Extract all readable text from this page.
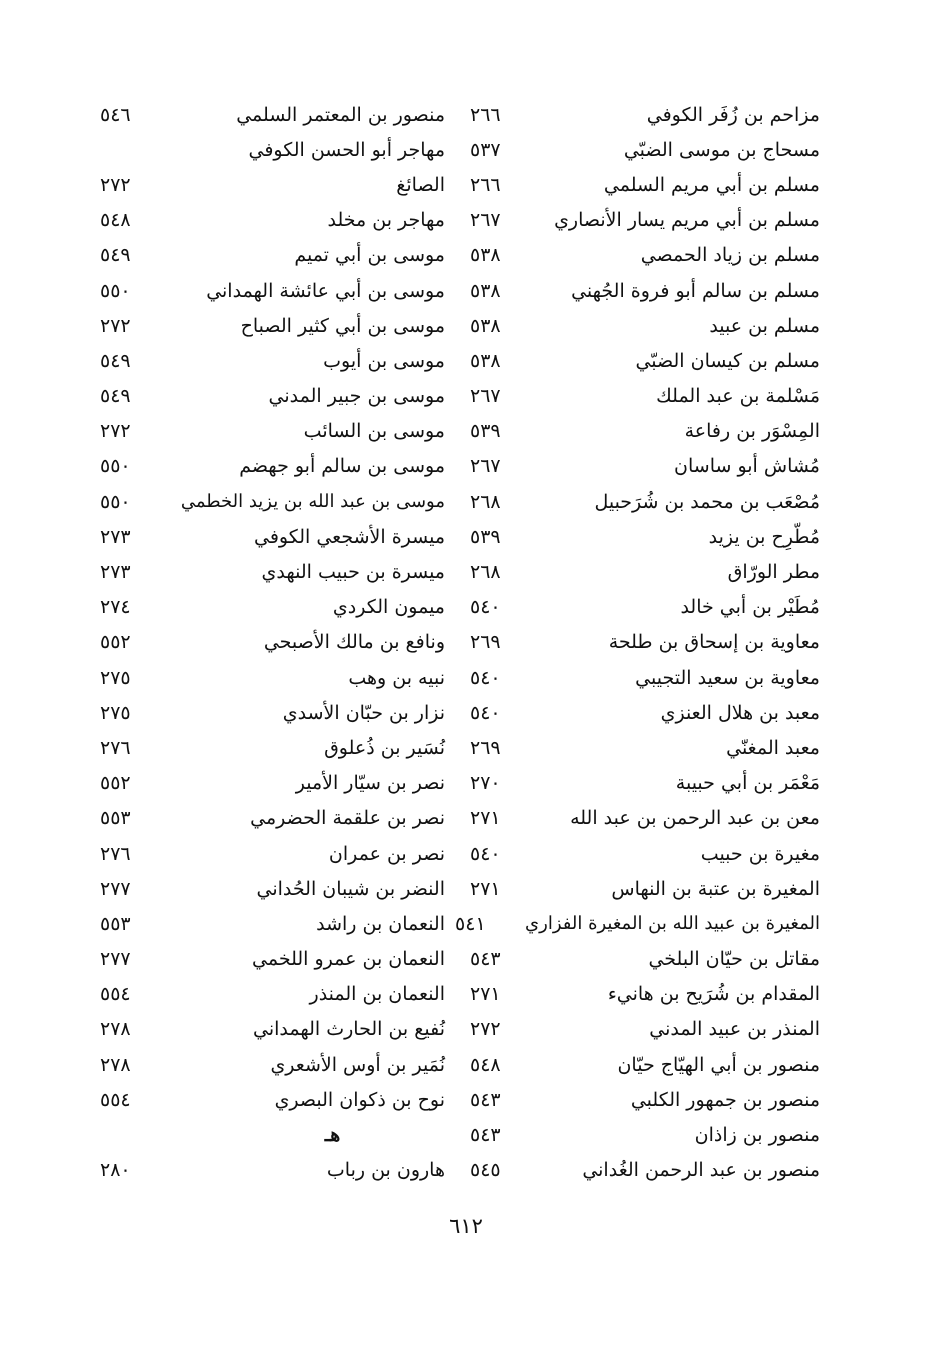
مزاحم بن زُفَر الكوفي
٢٦٦
مسحاج بن موسى الضبّي
٥٣٧
مسلم بن أبي مريم السلمي
٢٦٦
مسلم بن أبي مريم يسار الأنصاري
٢٦٧
مسلم بن زياد الحمصي
٥٣٨
مسلم بن سالم أبو فروة الجُهني
٥٣٨
مسلم بن عبيد
٥٣٨
مسلم بن كيسان الضبّي
٥٣٨
مَسْلمة بن عبد الملك
٢٦٧
المِسْوَر بن رفاعة
٥٣٩
مُشاش أبو ساسان
٢٦٧
مُصْعَب بن محمد بن شُرَحبيل
٢٦٨
مُطّرِح بن يزيد
٥٣٩
مطر الورّاق
٢٦٨
مُطَيْر بن أبي خالد
٥٤٠
معاوية بن إسحاق بن طلحة
٢٦٩
معاوية بن سعيد التجيبي
٥٤٠
معبد بن هلال العنزي
٥٤٠
معبد المغنّي
٢٦٩
مَعْمَر بن أبي حبيبة
٢٧٠
معن بن عبد الرحمن بن عبد الله
٢٧١
مغيرة بن حبيب
٥٤٠
المغيرة بن عتبة بن النهاس
٢٧١
المغيرة بن عبيد الله بن المغيرة الفزاري
٥٤١
مقاتل بن حيّان البلخي
٥٤٣
المقدام بن شُرَيح بن هانيء
٢٧١
المنذر بن عبيد المدني
٢٧٢
منصور بن أبي الهيّاج حيّان
٥٤٨
منصور بن جمهور الكلبي
٥٤٣
منصور بن زاذان
٥٤٣
منصور بن عبد الرحمن الغُداني
٥٤٥
منصور بن المعتمر السلمي
٥٤٦
مهاجر أبو الحسن الكوفي
الصائغ
٢٧٢
مهاجر بن مخلد
٥٤٨
موسى بن أبي تميم
٥٤٩
موسى بن أبي عائشة الهمداني
٥٥٠
موسى بن أبي كثير الصباح
٢٧٢
موسى بن أيوب
٥٤٩
موسى بن جبير المدني
٥٤٩
موسى بن السائب
٢٧٢
موسى بن سالم أبو جهضم
٥٥٠
موسى بن عبد الله بن يزيد الخطمي
٥٥٠
ميسرة الأشجعي الكوفي
٢٧٣
ميسرة بن حبيب النهدي
٢٧٣
ميمون الكردي
٢٧٤
ونافع بن مالك الأصبحي
٥٥٢
نبيه بن وهب
٢٧٥
نزار بن حبّان الأسدي
٢٧٥
نُسَير بن ذُعلوق
٢٧٦
نصر بن سيّار الأمير
٥٥٢
نصر بن علقمة الحضرمي
٥٥٣
نصر بن عمران
٢٧٦
النضر بن شيبان الحُداني
٢٧٧
النعمان بن راشد
٥٥٣
النعمان بن عمرو اللخمي
٢٧٧
النعمان بن المنذر
٥٥٤
نُفيع بن الحارث الهمداني
٢٧٨
نُمَير بن أوس الأشعري
٢٧٨
نوح بن ذكوان البصري
٥٥٤
هـ
هارون بن رباب
٢٨٠
٦١٢
